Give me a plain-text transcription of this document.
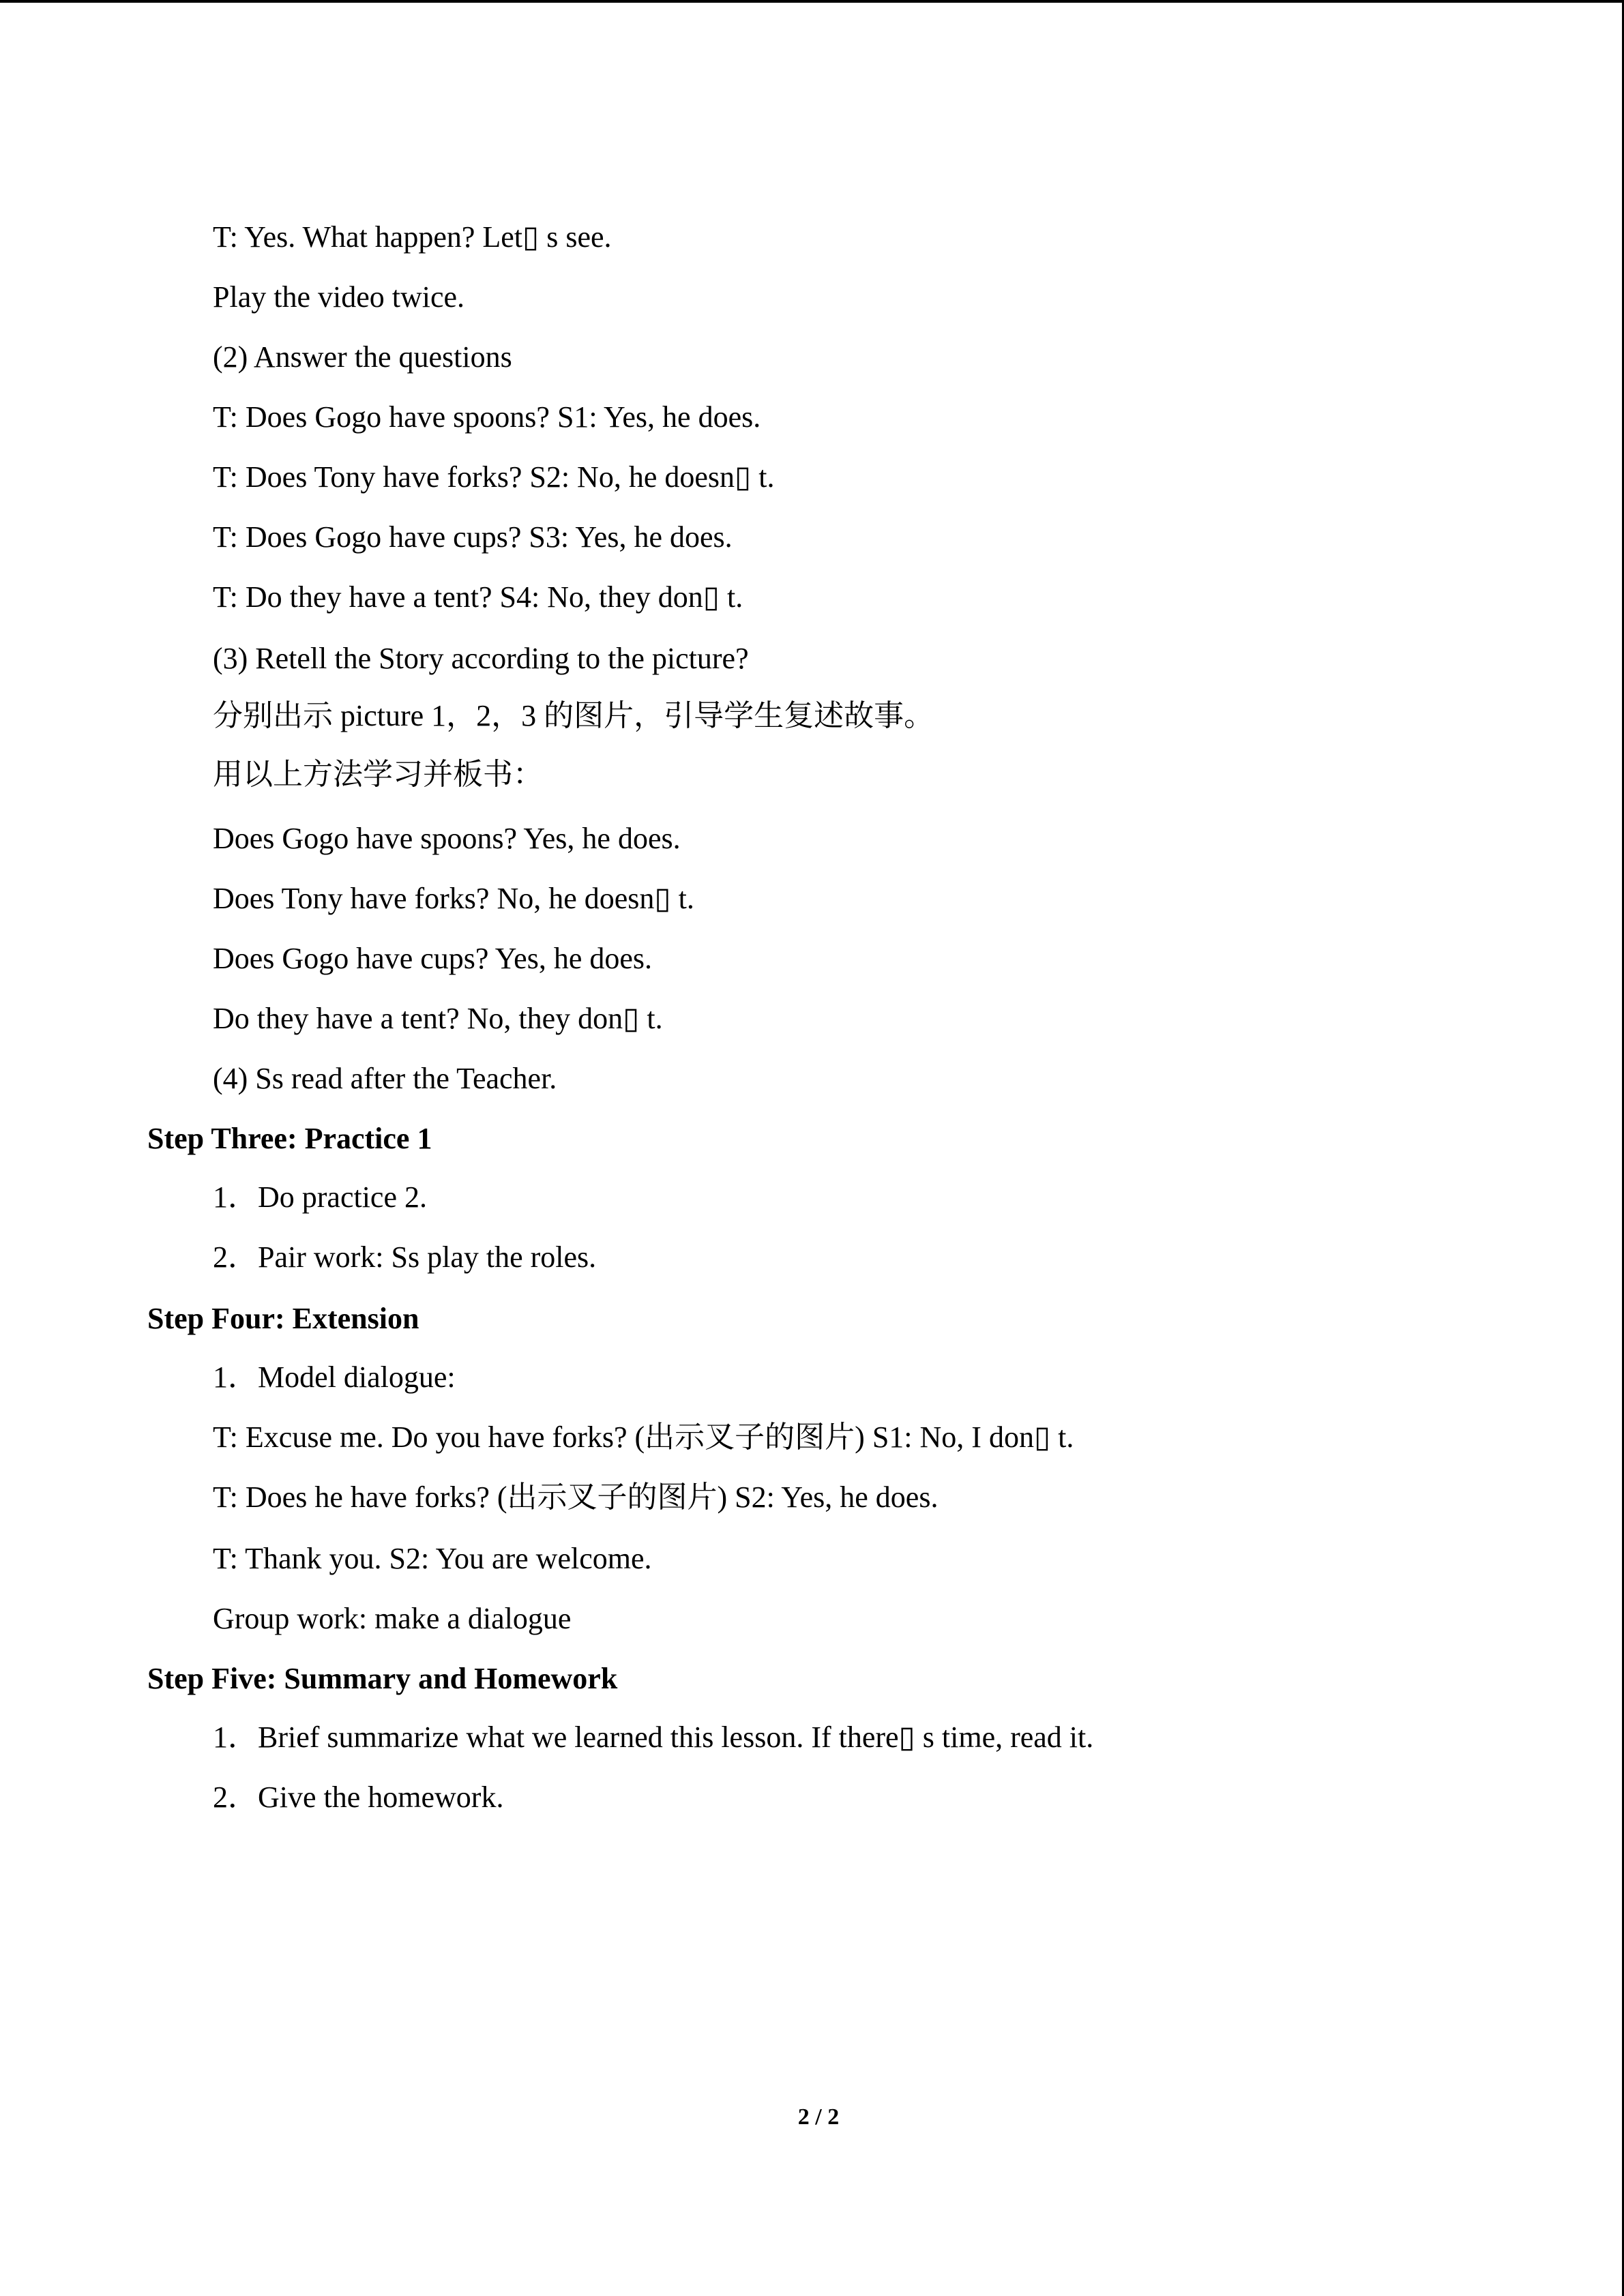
T: Yes. What happen? Let▯ s see.
Play the video twice.
(2) Answer the questions
T: Does Gogo have spoons? S1: Yes, he does.
T: Does Tony have forks? S2: No, he doesn▯ t.
T: Does Gogo have cups? S3: Yes, he does.
T: Do they have a tent? S4: No, they don▯ t.
(3) Retell the Story according to the picture?
分别出示 picture 1，2，3 的图片，引导学生复述故事。
用以上方法学习并板书：
Does Gogo have spoons? Yes, he does.
Does Tony have forks? No, he doesn▯ t.
Does Gogo have cups? Yes, he does.
Do they have a tent? No, they don▯ t.
(4) Ss read after the Teacher.
Step Three: Practice 1
1．Do practice 2.
2．Pair work: Ss play the roles.
Step Four: Extension
1．Model dialogue:
T: Excuse me. Do you have forks? (出示叉子的图片) S1: No, I don▯ t.
T: Does he have forks? (出示叉子的图片) S2: Yes, he does.
T: Thank you. S2: You are welcome.
Group work: make a dialogue
Step Five: Summary and Homework
1．Brief summarize what we learned this lesson. If there▯ s time, read it.
2．Give the homework.
2 / 2
